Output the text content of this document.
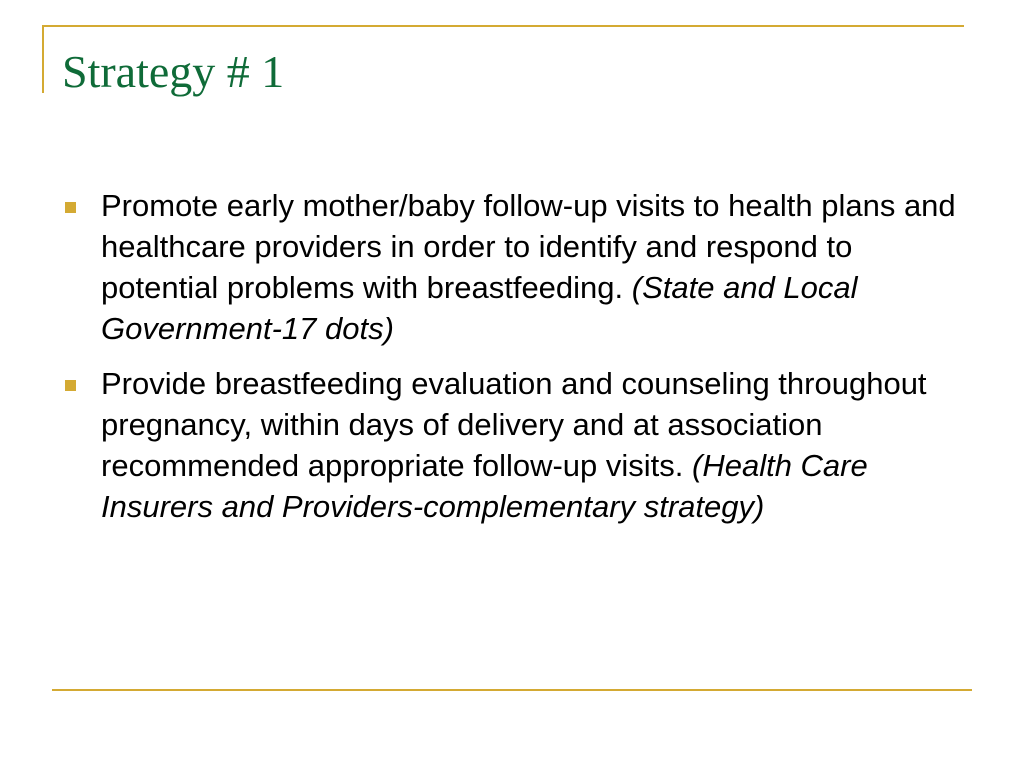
Strategy # 1
Promote early mother/baby follow-up visits to health plans and healthcare providers in order to identify and respond to potential problems with breastfeeding. (State and Local Government-17 dots)
Provide breastfeeding evaluation and counseling throughout pregnancy, within days of delivery and at association recommended appropriate follow-up visits. (Health Care Insurers and Providers-complementary strategy)
